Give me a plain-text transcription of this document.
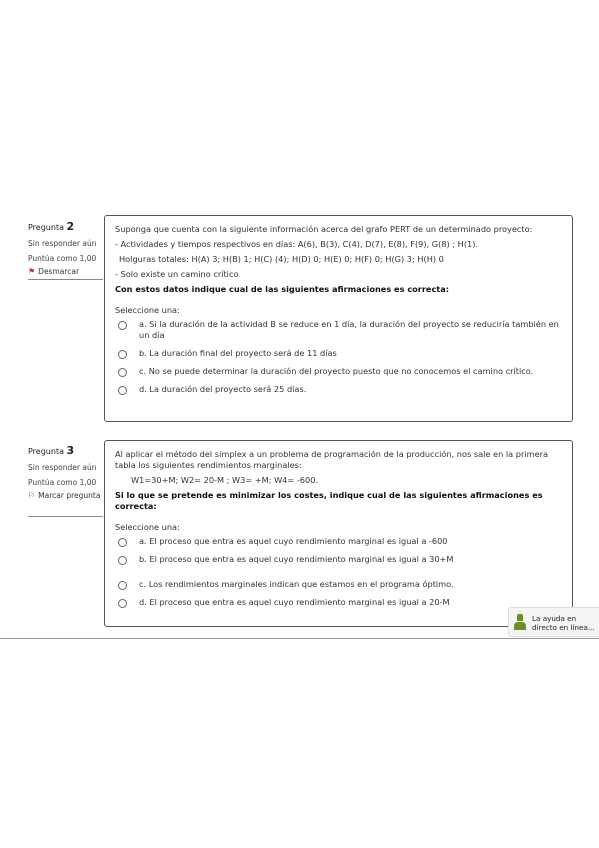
Pregunta 2
Sin responder aún
Puntúa como 1,00
⚑ Desmarcar

Suponga que cuenta con la siguiente información acerca del grafo PERT de un determinado proyecto:

- Actividades y tiempos respectivos en días: A(6), B(3), C(4), D(7), E(8), F(9), G(8) ; H(1).

Holguras totales: H(A) 3; H(B) 1; H(C) (4); H(D) 0; H(E) 0; H(F) 0; H(G) 3; H(H) 0

- Solo existe un camino crítico

Con estos datos indique cual de las siguientes afirmaciones es correcta:

Seleccione una:
a. Si la duración de la actividad B se reduce en 1 día, la duración del proyecto se reduciría también en un día
b. La duración final del proyecto será de 11 días
c. No se puede determinar la duración del proyecto puesto que no conocemos el camino crítico.
d. La duración del proyecto será 25 días.
Pregunta 3
Sin responder aún
Puntúa como 1,00
⚐ Marcar pregunta

Al aplicar el método del simplex a un problema de programación de la producción, nos sale en la primera tabla los siguientes rendimientos marginales:

W1=30+M; W2= 20-M ; W3= +M; W4= -600.

Si lo que se pretende es minimizar los costes, indique cual de las siguientes afirmaciones es correcta:

Seleccione una:
a. El proceso que entra es aquel cuyo rendimiento marginal es igual a -600
b. El proceso que entra es aquel cuyo rendimiento marginal es igual a 30+M
c. Los rendimientos marginales indican que estamos en el programa óptimo.
d. El proceso que entra es aquel cuyo rendimiento marginal es igual a 20-M
La ayuda en directo en línea...
